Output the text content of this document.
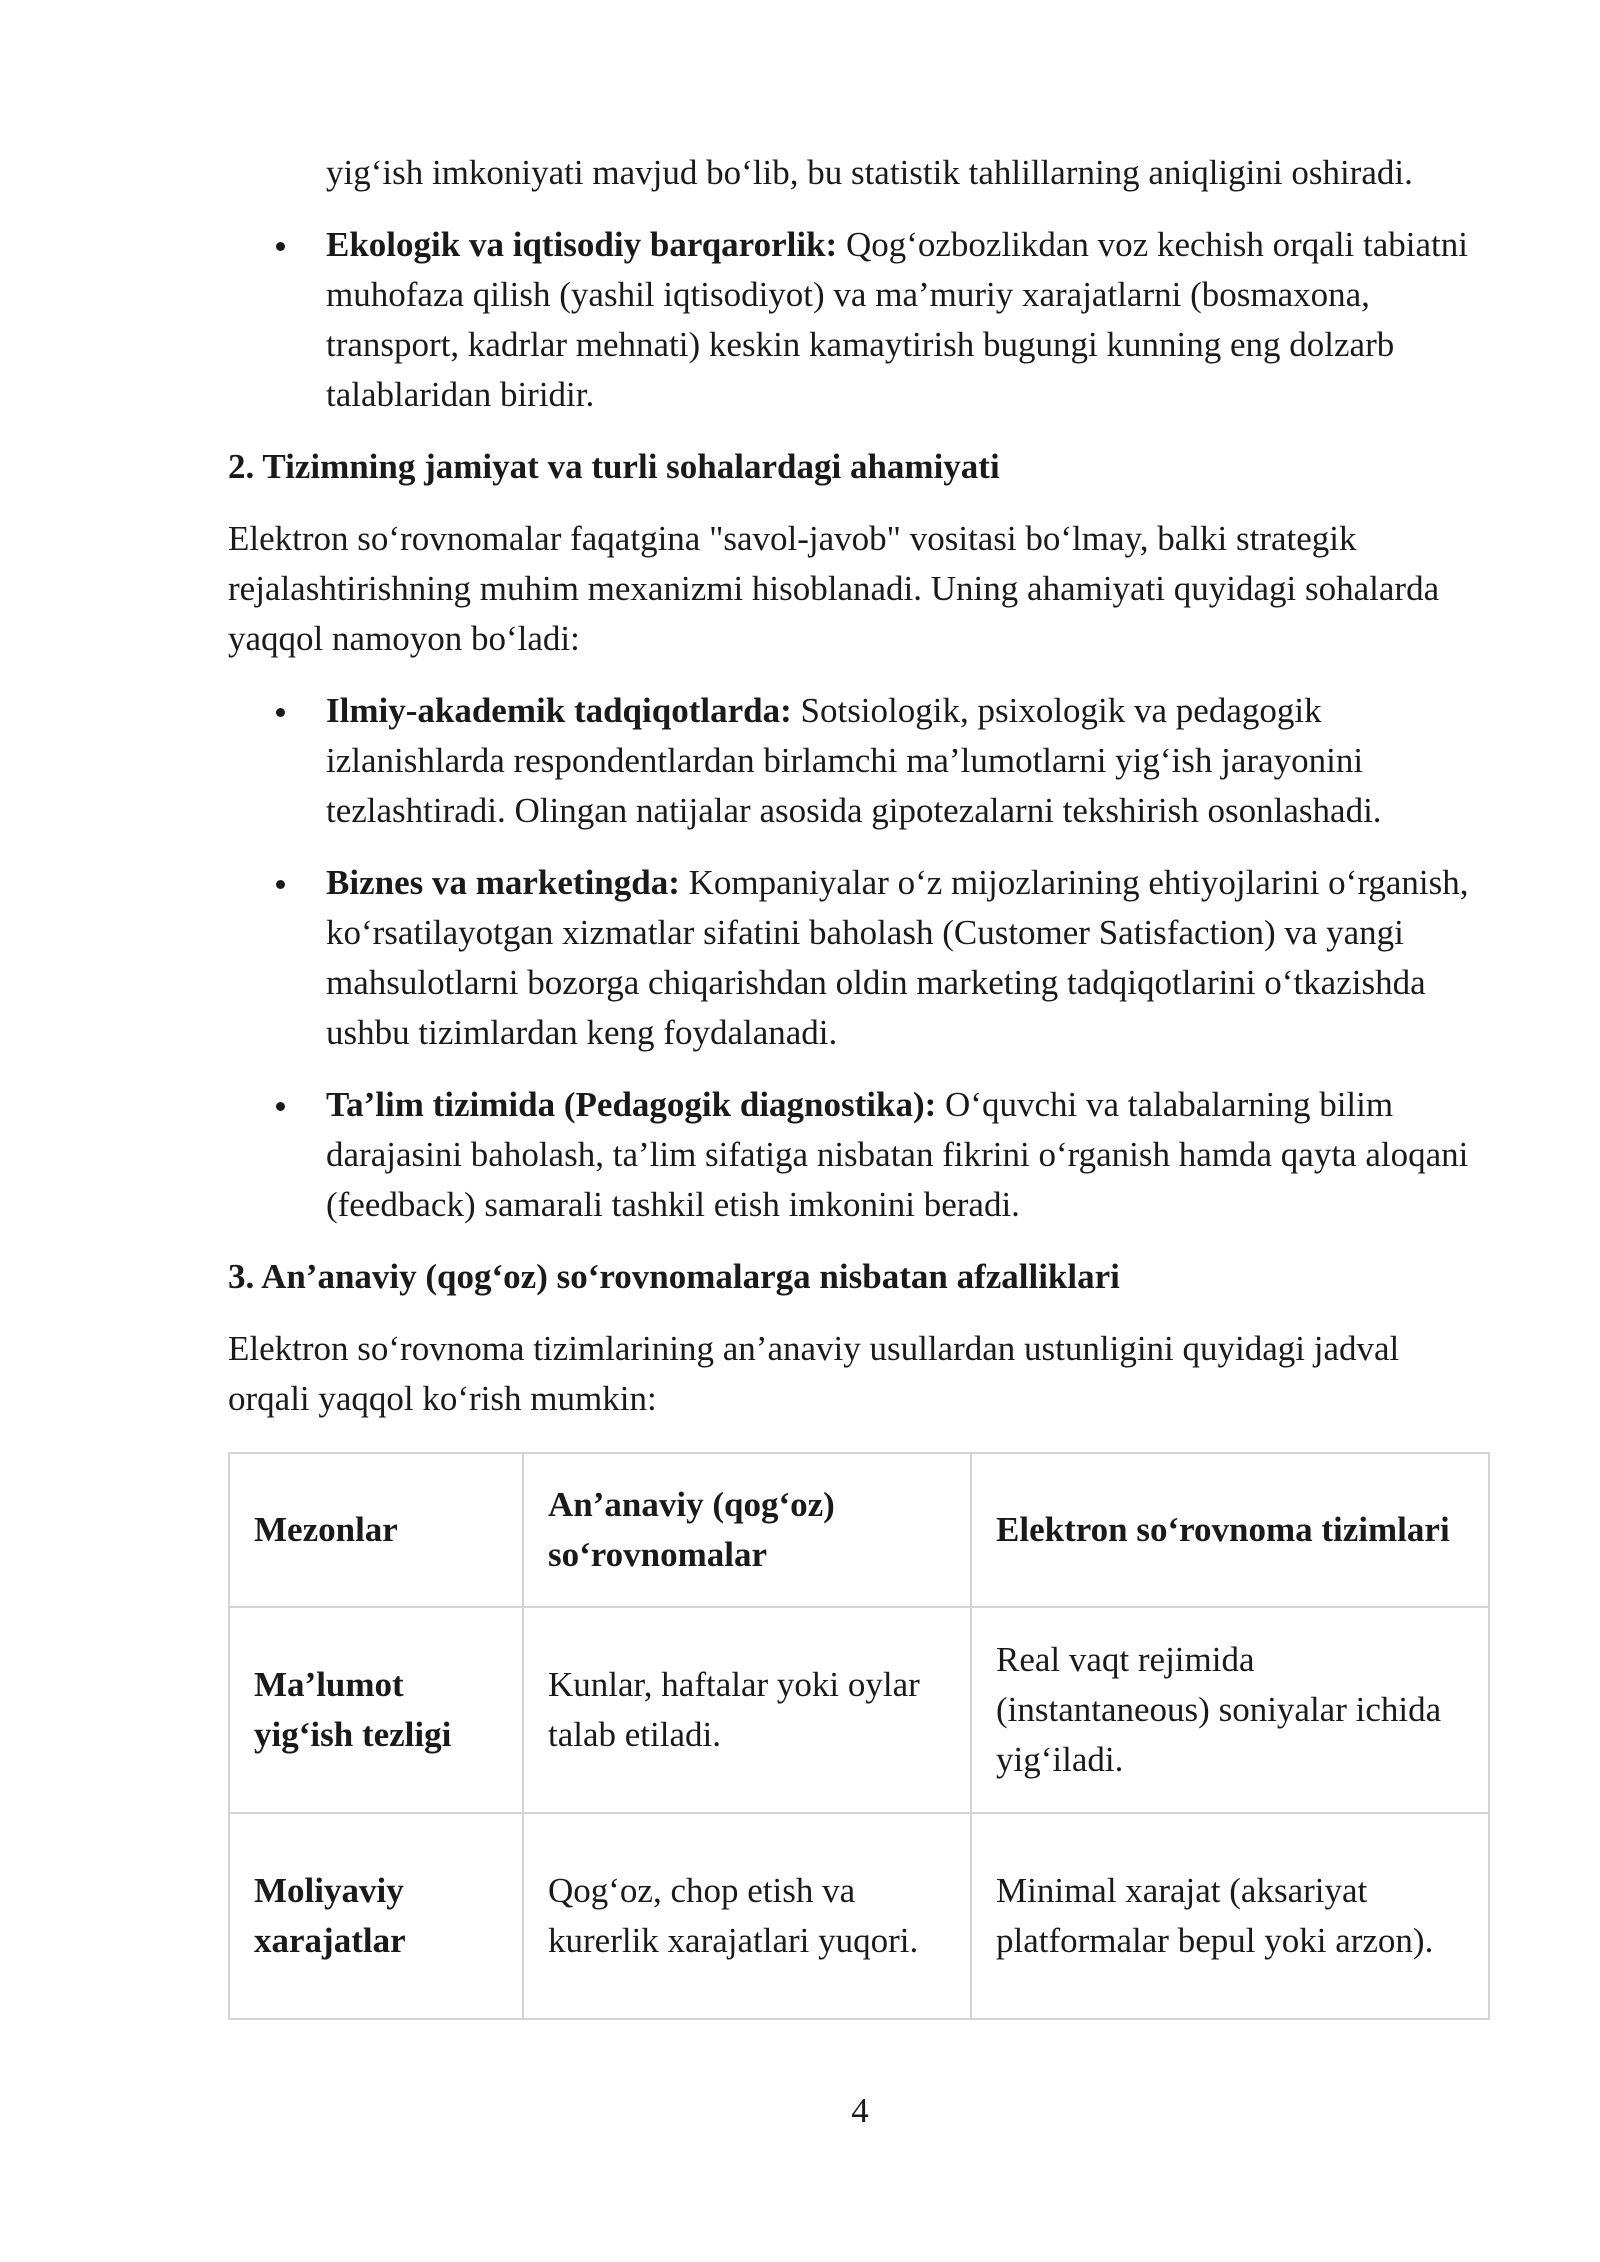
yig‘ish imkoniyati mavjud bo‘lib, bu statistik tahlillarning aniqligini oshiradi.

Ekologik va iqtisodiy barqarorlik: Qog‘ozbozlikdan voz kechish orqali tabiatni muhofaza qilish (yashil iqtisodiyot) va ma’muriy xarajatlarni (bosmaxona, transport, kadrlar mehnati) keskin kamaytirish bugungi kunning eng dolzarb talablaridan biridir.
2. Tizimning jamiyat va turli sohalardagi ahamiyati

Elektron so‘rovnomalar faqatgina "savol-javob" vositasi bo‘lmay, balki strategik rejalashtirishning muhim mexanizmi hisoblanadi. Uning ahamiyati quyidagi sohalarda yaqqol namoyon bo‘ladi:

Ilmiy-akademik tadqiqotlarda: Sotsiologik, psixologik va pedagogik izlanishlarda respondentlardan birlamchi ma’lumotlarni yig‘ish jarayonini tezlashtiradi. Olingan natijalar asosida gipotezalarni tekshirish osonlashadi.
Biznes va marketingda: Kompaniyalar o‘z mijozlarining ehtiyojlarini o‘rganish, ko‘rsatilayotgan xizmatlar sifatini baholash (Customer Satisfaction) va yangi mahsulotlarni bozorga chiqarishdan oldin marketing tadqiqotlarini o‘tkazishda ushbu tizimlardan keng foydalanadi.
Ta’lim tizimida (Pedagogik diagnostika): O‘quvchi va talabalarning bilim darajasini baholash, ta’lim sifatiga nisbatan fikrini o‘rganish hamda qayta aloqani (feedback) samarali tashkil etish imkonini beradi.
3. An’anaviy (qog‘oz) so‘rovnomalarga nisbatan afzalliklari

Elektron so‘rovnoma tizimlarining an’anaviy usullardan ustunligini quyidagi jadval orqali yaqqol ko‘rish mumkin:

Mezonlar	An’anaviy (qog‘oz) so‘rovnomalar	Elektron so‘rovnoma tizimlari
Ma’lumot yig‘ish tezligi	Kunlar, haftalar yoki oylar talab etiladi.	Real vaqt rejimida (instantaneous) soniyalar ichida yig‘iladi.
Moliyaviy xarajatlar	Qog‘oz, chop etish va kurerlik xarajatlari yuqori.	Minimal xarajat (aksariyat platformalar bepul yoki arzon).
4
